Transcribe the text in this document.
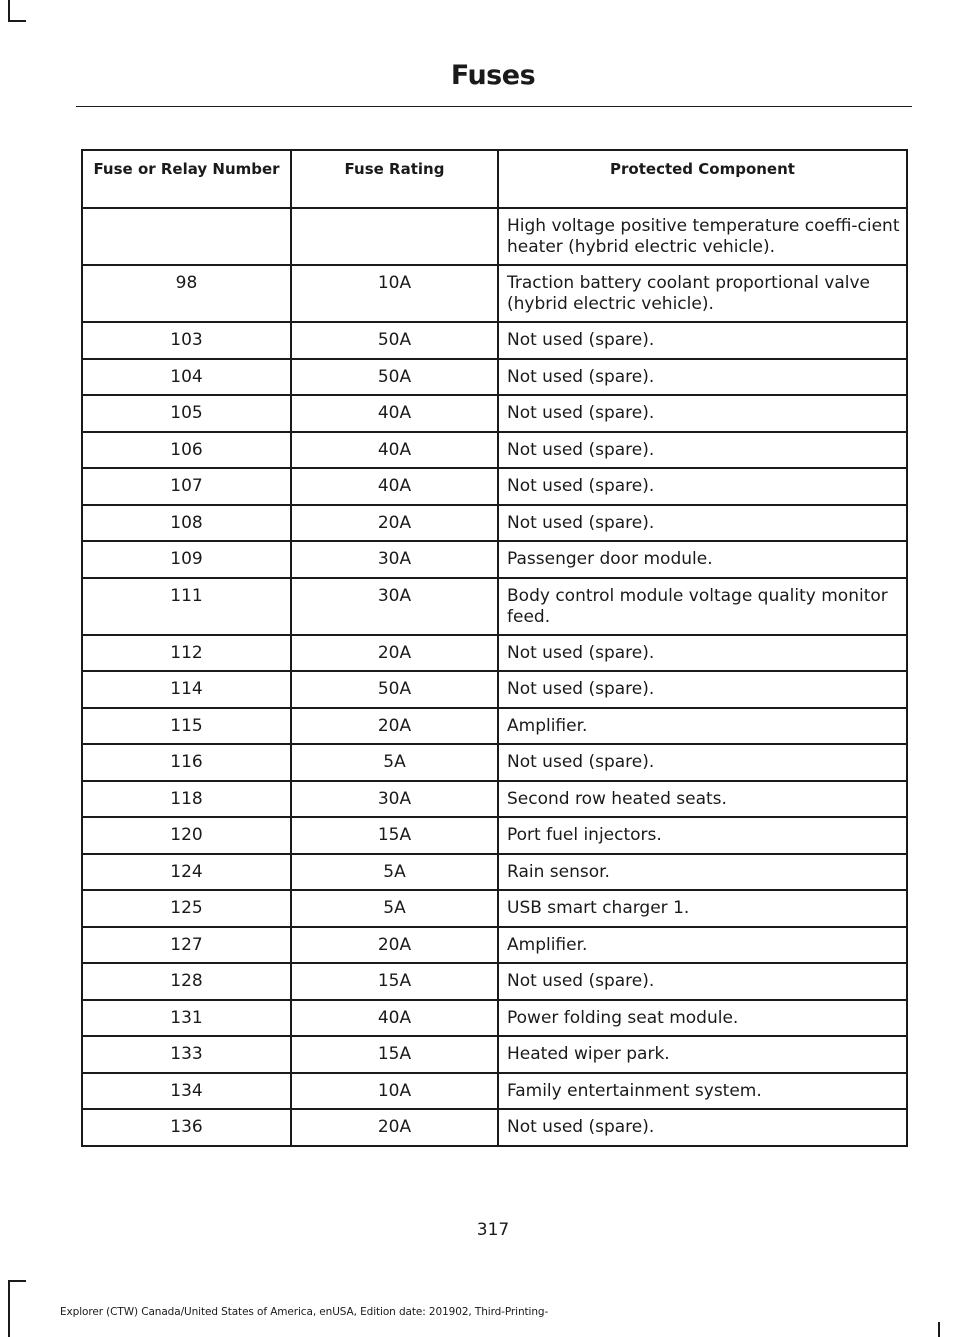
Fuses
Fuse or Relay Number	Fuse Rating	Protected Component
		High voltage positive temperature coeffi-cient heater (hybrid electric vehicle).
98	10A	Traction battery coolant proportional valve (hybrid electric vehicle).
103	50A	Not used (spare).
104	50A	Not used (spare).
105	40A	Not used (spare).
106	40A	Not used (spare).
107	40A	Not used (spare).
108	20A	Not used (spare).
109	30A	Passenger door module.
111	30A	Body control module voltage quality monitor feed.
112	20A	Not used (spare).
114	50A	Not used (spare).
115	20A	Amplifier.
116	5A	Not used (spare).
118	30A	Second row heated seats.
120	15A	Port fuel injectors.
124	5A	Rain sensor.
125	5A	USB smart charger 1.
127	20A	Amplifier.
128	15A	Not used (spare).
131	40A	Power folding seat module.
133	15A	Heated wiper park.
134	10A	Family entertainment system.
136	20A	Not used (spare).
317
Explorer (CTW) Canada/United States of America, enUSA, Edition date: 201902, Third-Printing-
